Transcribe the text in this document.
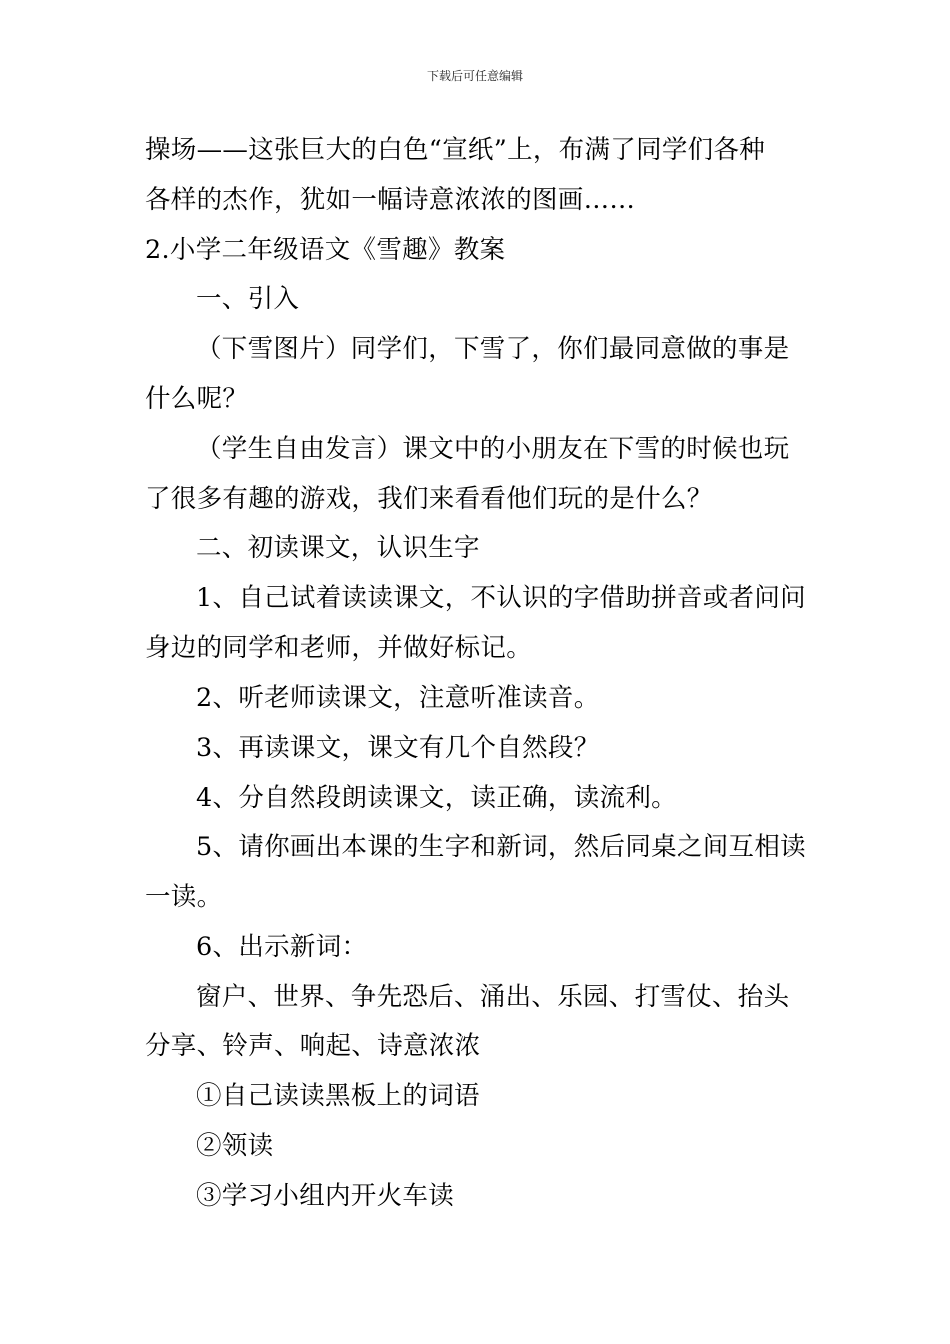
下载后可任意编辑
操场——这张巨大的白色“宣纸”上，布满了同学们各种
各样的杰作，犹如一幅诗意浓浓的图画……
2.小学二年级语文《雪趣》教案
一、引入
（下雪图片）同学们，下雪了，你们最同意做的事是
什么呢？
（学生自由发言）课文中的小朋友在下雪的时候也玩
了很多有趣的游戏，我们来看看他们玩的是什么？
二、初读课文，认识生字
1、自己试着读读课文，不认识的字借助拼音或者问问
身边的同学和老师，并做好标记。
2、听老师读课文，注意听准读音。
3、再读课文，课文有几个自然段？
4、分自然段朗读课文，读正确，读流利。
5、请你画出本课的生字和新词，然后同桌之间互相读
一读。
6、出示新词：
窗户、世界、争先恐后、涌出、乐园、打雪仗、抬头
分享、铃声、响起、诗意浓浓
①自己读读黑板上的词语
②领读
③学习小组内开火车读
